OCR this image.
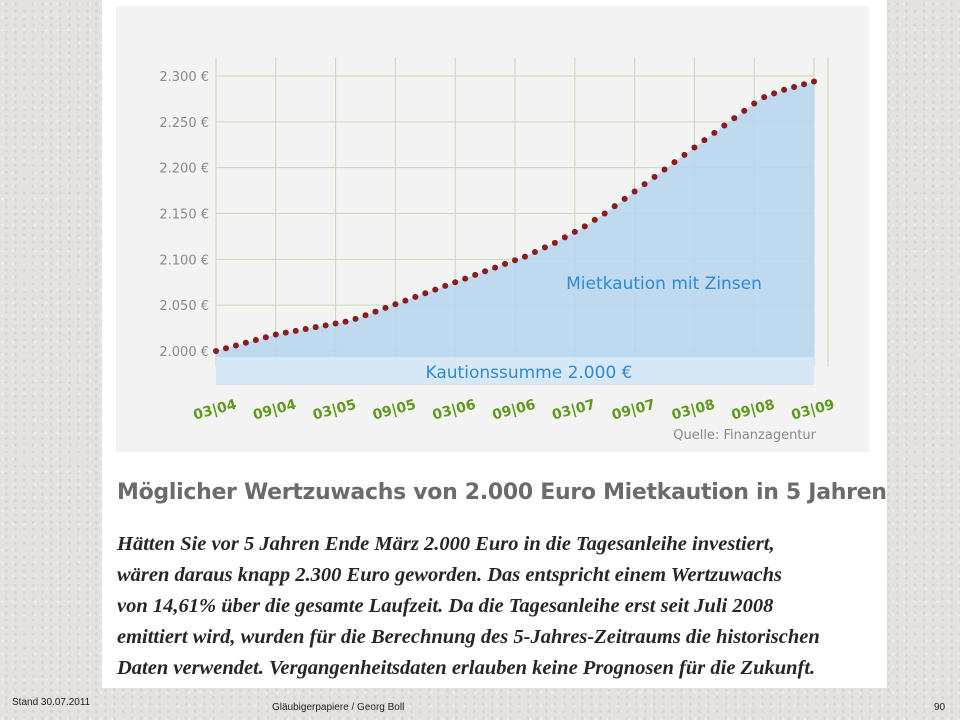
Kautionssumme 2.000 €
Mietkaution mit Zinsen
2.000 €
2.050 €
2.100 €
2.150 €
2.200 €
2.250 €
2.300 €
03|04 09|04 03|05 09|05 03|06 09|06 03|07 09|07 03|08 09|08 03|09
Quelle: Finanzagentur
Möglicher Wertzuwachs von 2.000 Euro Mietkaution in 5 Jahren
Hätten Sie vor 5 Jahren Ende März 2.000 Euro in die Tagesanleihe investiert,
wären daraus knapp 2.300 Euro geworden. Das entspricht einem Wertzuwachs
von 14,61% über die gesamte Laufzeit. Da die Tagesanleihe erst seit Juli 2008
emittiert wird, wurden für die Berechnung des 5-Jahres-Zeitraums die historischen
Daten verwendet. Vergangenheitsdaten erlauben keine Prognosen für die Zukunft.
Stand 30.07.2011	Gläubigerpapiere / Georg Boll	90
